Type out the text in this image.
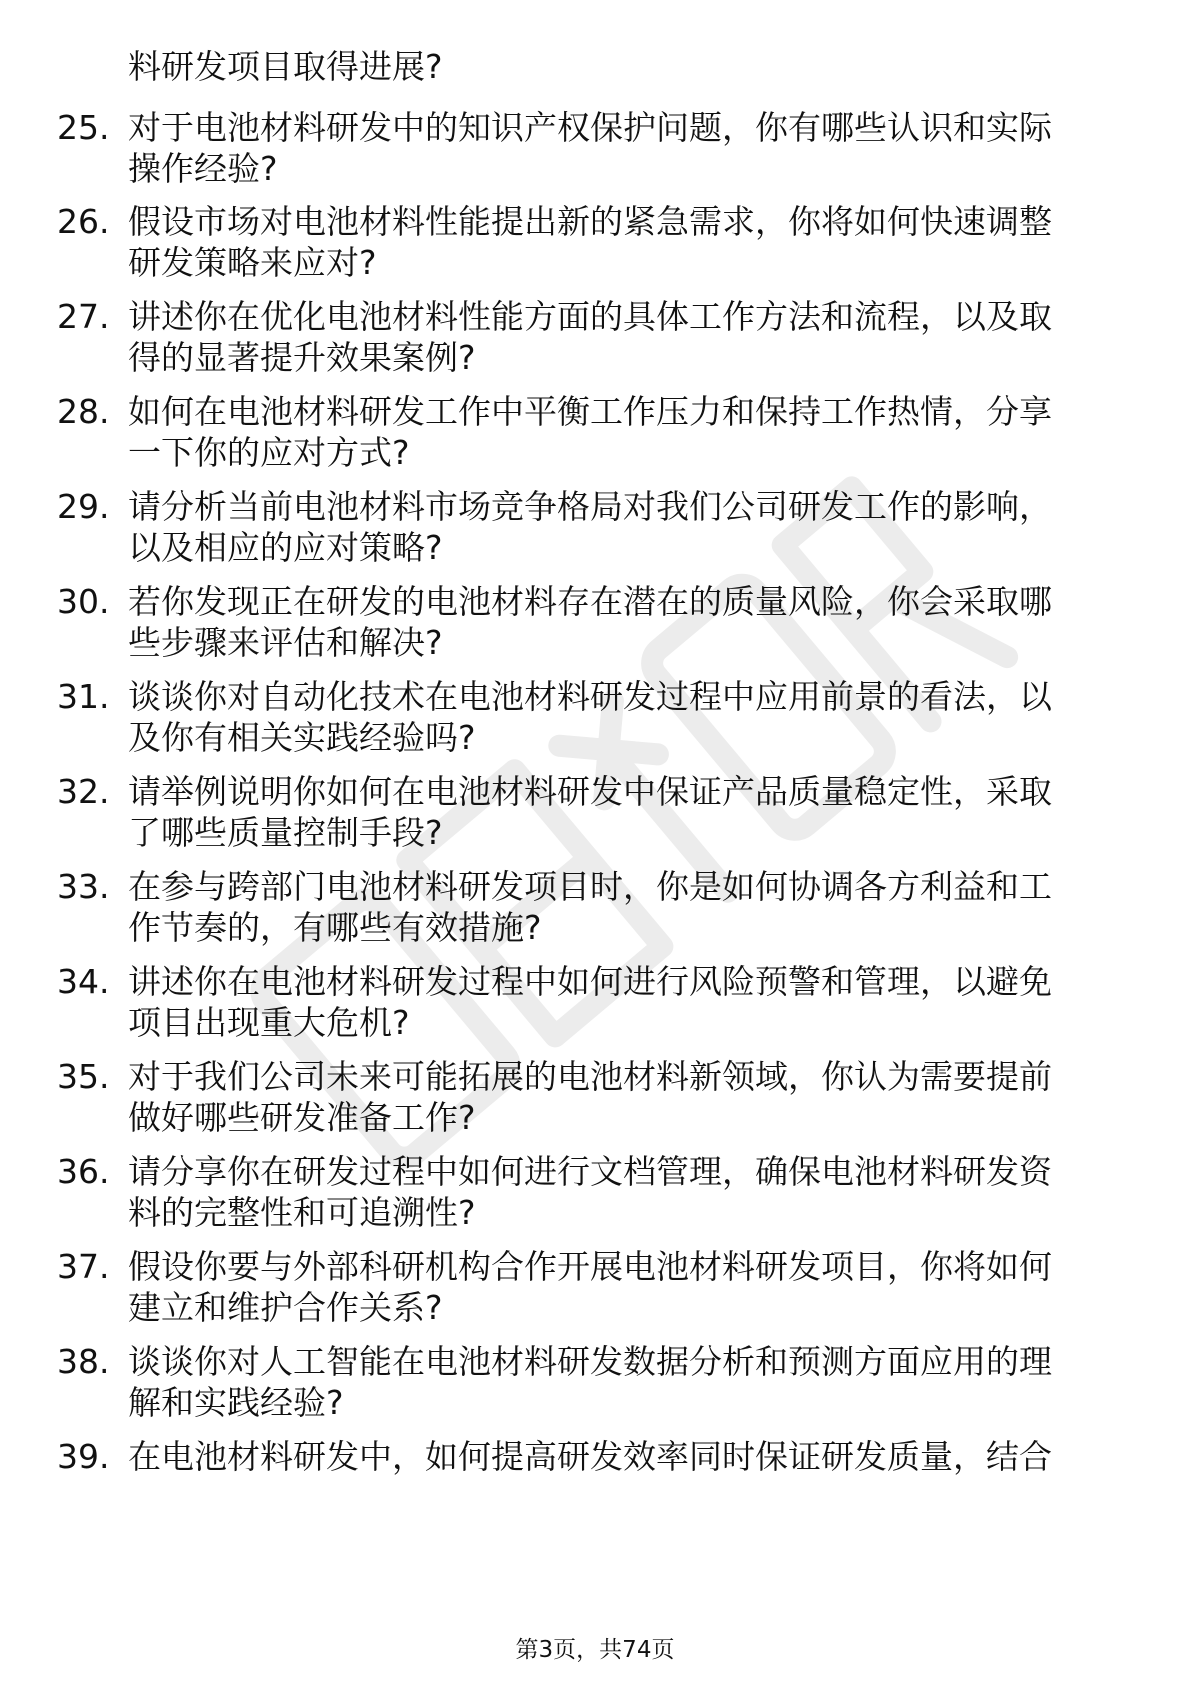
料研发项目取得进展?
25. 对于电池材料研发中的知识产权保护问题，你有哪些认识和实际
操作经验?
26. 假设市场对电池材料性能提出新的紧急需求，你将如何快速调整
研发策略来应对?
27. 讲述你在优化电池材料性能方面的具体工作方法和流程，以及取
得的显著提升效果案例?
28. 如何在电池材料研发工作中平衡工作压力和保持工作热情，分享
一下你的应对方式?
29. 请分析当前电池材料市场竞争格局对我们公司研发工作的影响，
以及相应的应对策略?
30. 若你发现正在研发的电池材料存在潜在的质量风险，你会采取哪
些步骤来评估和解决?
31. 谈谈你对自动化技术在电池材料研发过程中应用前景的看法，以
及你有相关实践经验吗?
32. 请举例说明你如何在电池材料研发中保证产品质量稳定性，采取
了哪些质量控制手段?
33. 在参与跨部门电池材料研发项目时，你是如何协调各方利益和工
作节奏的，有哪些有效措施?
34. 讲述你在电池材料研发过程中如何进行风险预警和管理，以避免
项目出现重大危机?
35. 对于我们公司未来可能拓展的电池材料新领域，你认为需要提前
做好哪些研发准备工作?
36. 请分享你在研发过程中如何进行文档管理，确保电池材料研发资
料的完整性和可追溯性?
37. 假设你要与外部科研机构合作开展电池材料研发项目，你将如何
建立和维护合作关系?
38. 谈谈你对人工智能在电池材料研发数据分析和预测方面应用的理
解和实践经验?
39. 在电池材料研发中，如何提高研发效率同时保证研发质量，结合
第3页，共74页
